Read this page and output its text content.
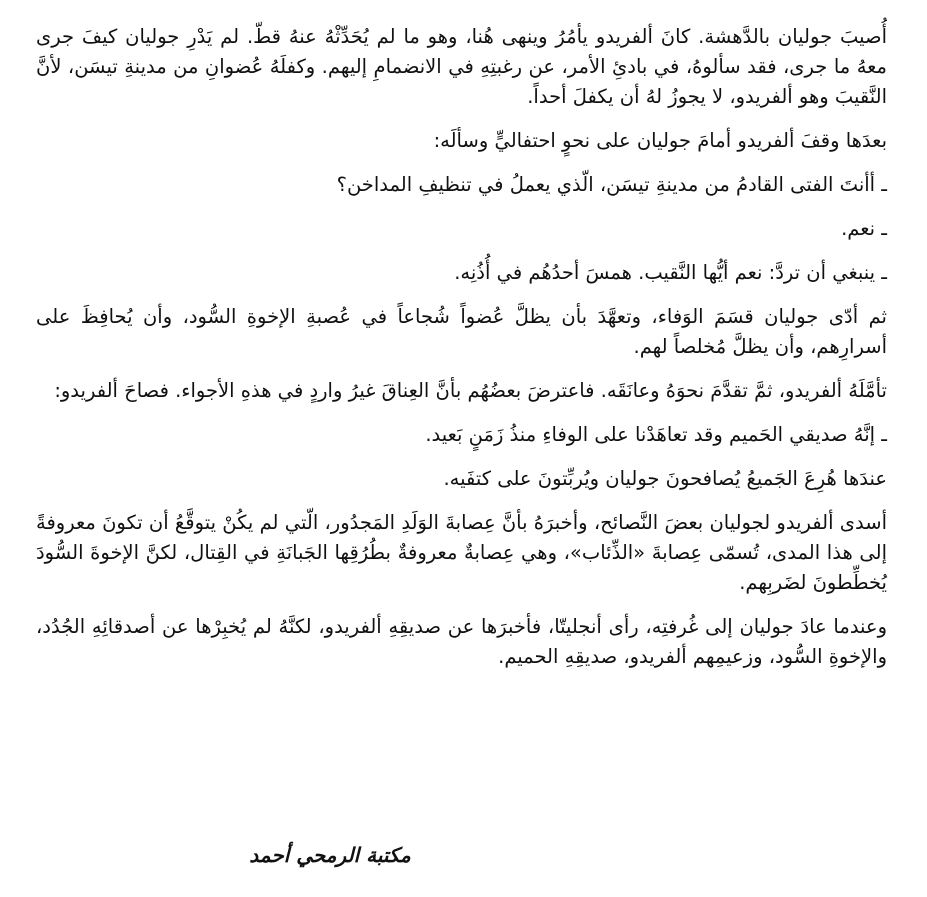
أُصيبَ جوليان بالدَّهشة. كانَ ألفريدو يأمُرُ وينهى هُنا، وهو ما لم يُحَدِّثْهُ عنهُ قطّ. لم يَدْرِ جوليان كيفَ جرى معهُ ما جرى، فقد سألوهُ، في بادئِ الأمر، عن رغبتِهِ في الانضمامِ إليهم. وكفلَهُ عُضوانِ من مدينةِ تيسَن، لأنَّ النَّقيبَ وهو ألفريدو، لا يجوزُ لهُ أن يكفلَ أحداً.

بعدَها وقفَ ألفريدو أمامَ جوليان على نحوٍ احتفاليٍّ وسألَه:

ـ أأنتَ الفتى القادمُ من مدينةِ تيسَن، الّذي يعملُ في تنظيفِ المداخن؟

ـ نعم.

ـ ينبغي أن تردَّ: نعم أيُّها النَّقيب. همسَ أحدُهُم في أُذُنِه.

ثم أدّى جوليان قسَمَ الوَفاء، وتعهَّدَ بأن يظلَّ عُضواً شُجاعاً في عُصبةِ الإخوةِ السُّود، وأن يُحافِظَ على أسرارِهم، وأن يظلَّ مُخلصاً لهم.

تأمَّلَهُ ألفريدو، ثمَّ تقدَّمَ نحوَهُ وعانَقَه. فاعترضَ بعضُهُم بأنَّ العِناقَ غيرُ واردٍ في هذهِ الأجواء. فصاحَ ألفريدو:

ـ إنَّهُ صديقي الحَميم وقد تعاهَدْنا على الوفاءِ منذُ زَمَنٍ بَعيد.

عندَها هُرِعَ الجَميعُ يُصافحونَ جوليان ويُربِّتونَ على كتفَيه.

أسدى ألفريدو لجوليان بعضَ النَّصائح، وأخبرَهُ بأنَّ عِصابةَ الوَلَدِ المَجدُور، الّتي لم يكُنْ يتوقَّعُ أن تكونَ معروفةً إلى هذا المدى، تُسمّى عِصابةَ «الذِّئاب»، وهي عِصابةٌ معروفةٌ بطُرُقِها الجَبانَةِ في القِتال، لكنَّ الإخوةَ السُّودَ يُخطِّطونَ لضَربِهم.

وعندما عادَ جوليان إلى غُرفتِه، رأى أنجليتّا، فأخبرَها عن صديقِهِ ألفريدو، لكنَّهُ لم يُخبِرْها عن أصدقائِهِ الجُدُد، والإخوةِ السُّود، وزعيمِهم ألفريدو، صديقِهِ الحميم.

مكتبة الرمحي أحمد
